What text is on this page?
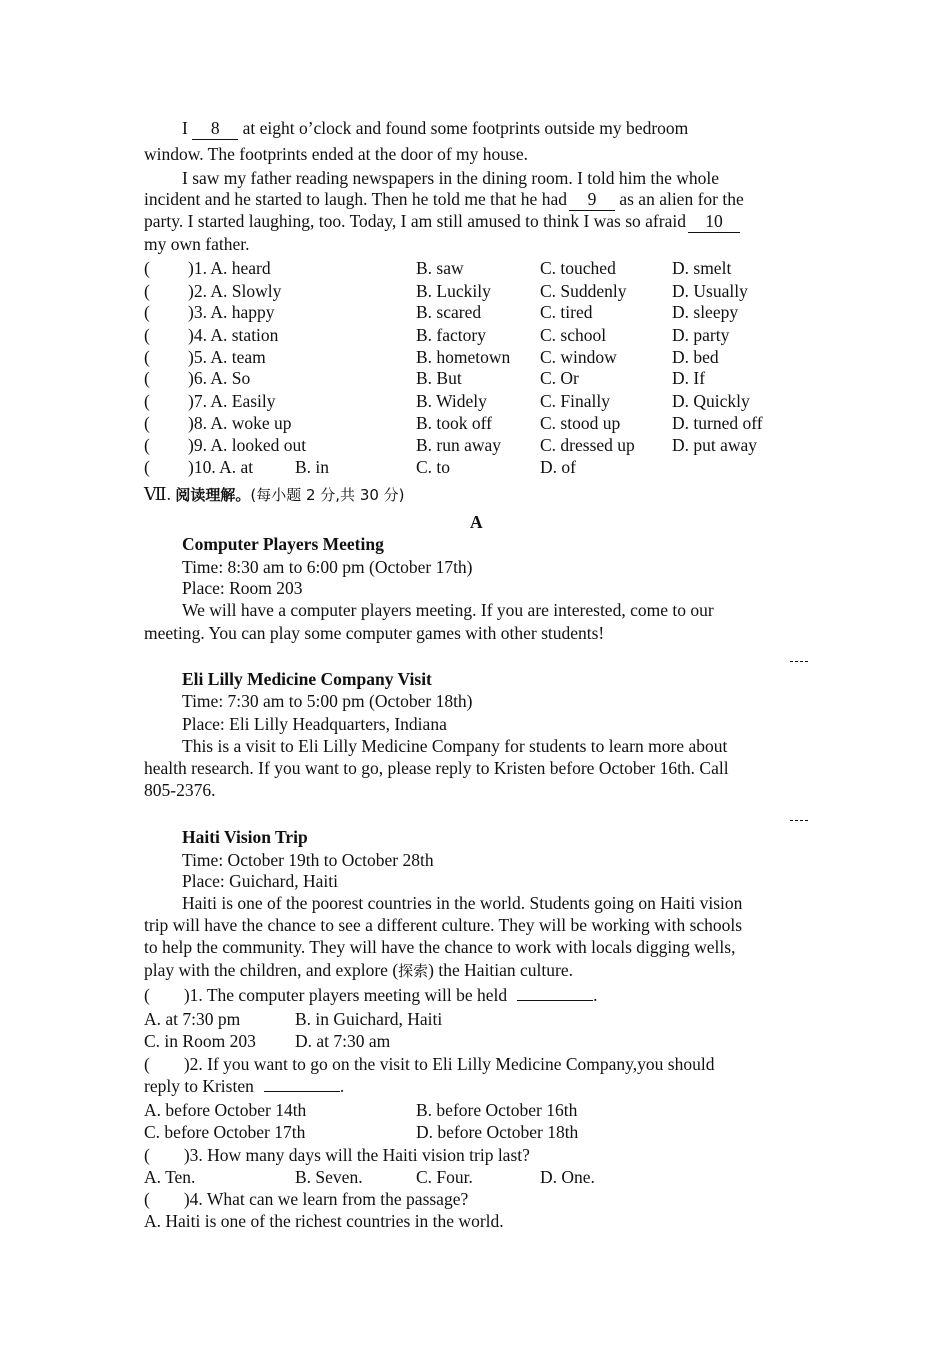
I 8 at eight o’clock and found some footprints outside my bedroom
window. The footprints ended at the door of my house.
I saw my father reading newspapers in the dining room. I told him the whole
incident and he started to laugh. Then he told me that he had 9 as an alien for the
party. I started laughing, too. Today, I am still amused to think I was so afraid 10
my own father.
( )1. A. heard	B. saw	C. touched	D. smelt
( )2. A. Slowly	B. Luckily	C. Suddenly	D. Usually
( )3. A. happy	B. scared	C. tired	D. sleepy
( )4. A. station	B. factory	C. school	D. party
( )5. A. team	B. hometown C. window	D. bed
( )6. A. So	B. But	C. Or	D. If
( )7. A. Easily	B. Widely	C. Finally	D. Quickly
( )8. A. woke up	B. took off	C. stood up	D. turned off
( )9. A. looked out	B. run away C. dressed up D. put away
( )10. A. at B. in	C. to	D. of
Ⅶ. 阅读理解。(每小题 2 分,共 30 分)
A
Computer Players Meeting
Time: 8:30 am to 6:00 pm (October 17th)
Place: Room 203
We will have a computer players meeting. If you are interested, come to our
meeting. You can play some computer games with other students!
Eli Lilly Medicine Company Visit
Time: 7:30 am to 5:00 pm (October 18th)
Place: Eli Lilly Headquarters, Indiana
This is a visit to Eli Lilly Medicine Company for students to learn more about
health research. If you want to go, please reply to Kristen before October 16th. Call
805-2376.
Haiti Vision Trip
Time: October 19th to October 28th
Place: Guichard, Haiti
Haiti is one of the poorest countries in the world. Students going on Haiti vision
trip will have the chance to see a different culture. They will be working with schools
to help the community. They will have the chance to work with locals digging wells,
play with the children, and explore (探索) the Haitian culture.
( )1. The computer players meeting will be held	.
A. at 7:30 pm	B. in Guichard, Haiti
C. in Room 203 D. at 7:30 am
( )2. If you want to go on the visit to Eli Lilly Medicine Company,you should
reply to Kristen	.
A. before October 14th	B. before October 16th
C. before October 17th	D. before October 18th
( )3. How many days will the Haiti vision trip last?
A. Ten.	B. Seven.	C. Four.	D. One.
( )4. What can we learn from the passage?
A. Haiti is one of the richest countries in the world.
